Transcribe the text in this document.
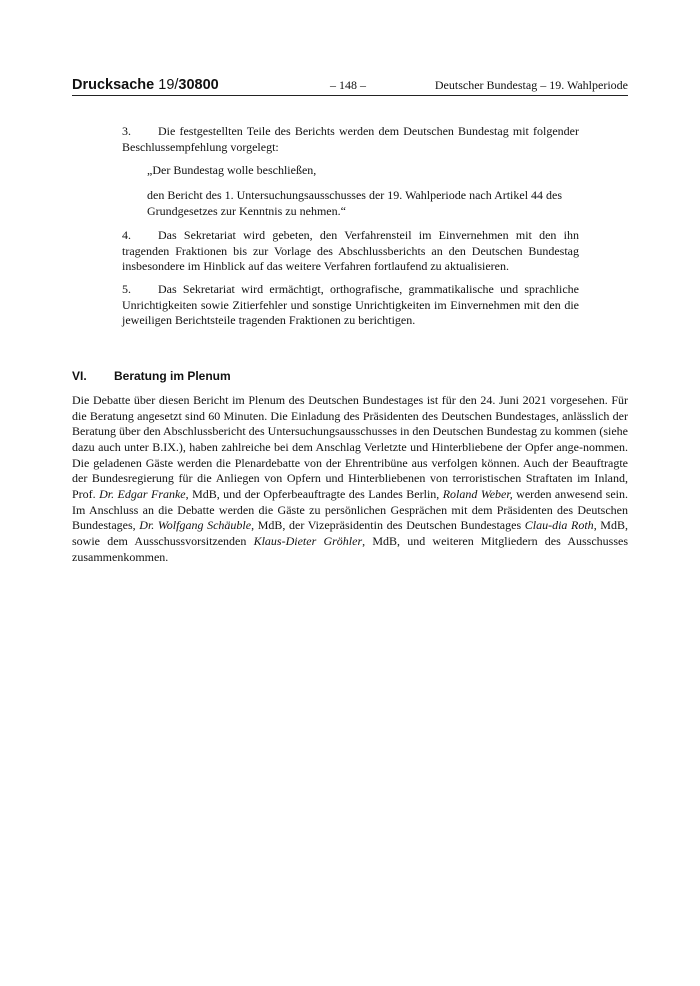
Drucksache 19/30800	– 148 –	Deutscher Bundestag – 19. Wahlperiode
3. Die festgestellten Teile des Berichts werden dem Deutschen Bundestag mit folgender Beschlussempfehlung vorgelegt:
„Der Bundestag wolle beschließen,
den Bericht des 1. Untersuchungsausschusses der 19. Wahlperiode nach Artikel 44 des Grundgesetzes zur Kenntnis zu nehmen.“
4. Das Sekretariat wird gebeten, den Verfahrensteil im Einvernehmen mit den ihn tragenden Fraktionen bis zur Vorlage des Abschlussberichts an den Deutschen Bundestag insbesondere im Hinblick auf das weitere Verfahren fortlaufend zu aktualisieren.
5. Das Sekretariat wird ermächtigt, orthografische, grammatikalische und sprachliche Unrichtigkeiten sowie Zitierfehler und sonstige Unrichtigkeiten im Einvernehmen mit den die jeweiligen Berichtsteile tragenden Fraktionen zu berichtigen.
VI. Beratung im Plenum
Die Debatte über diesen Bericht im Plenum des Deutschen Bundestages ist für den 24. Juni 2021 vorgesehen. Für die Beratung angesetzt sind 60 Minuten. Die Einladung des Präsidenten des Deutschen Bundestages, anlässlich der Beratung über den Abschlussbericht des Untersuchungsausschusses in den Deutschen Bundestag zu kommen (siehe dazu auch unter B.IX.), haben zahlreiche bei dem Anschlag Verletzte und Hinterbliebene der Opfer ange-nommen. Die geladenen Gäste werden die Plenardebatte von der Ehrentribüne aus verfolgen können. Auch der Beauftragte der Bundesregierung für die Anliegen von Opfern und Hinterbliebenen von terroristischen Straftaten im Inland, Prof. Dr. Edgar Franke, MdB, und der Opferbeauftragte des Landes Berlin, Roland Weber, werden anwesend sein. Im Anschluss an die Debatte werden die Gäste zu persönlichen Gesprächen mit dem Präsidenten des Deutschen Bundestages, Dr. Wolfgang Schäuble, MdB, der Vizepräsidentin des Deutschen Bundestages Clau-dia Roth, MdB, sowie dem Ausschussvorsitzenden Klaus-Dieter Gröhler, MdB, und weiteren Mitgliedern des Ausschusses zusammenkommen.
